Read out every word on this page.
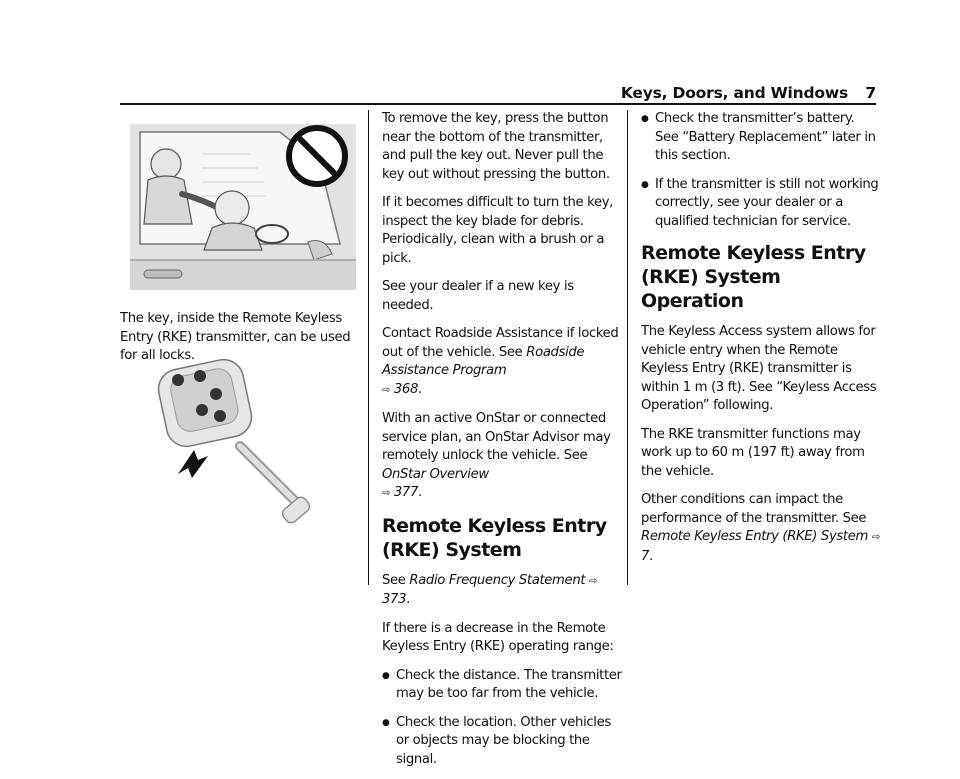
Keys, Doors, and Windows 7

The key, inside the Remote Keyless Entry (RKE) transmitter, can be used for all locks.

To remove the key, press the button near the bottom of the transmitter, and pull the key out. Never pull the key out without pressing the button.

If it becomes difficult to turn the key, inspect the key blade for debris. Periodically, clean with a brush or a pick.

See your dealer if a new key is needed.

Contact Roadside Assistance if locked out of the vehicle. See Roadside Assistance Program
⇨ 368.

With an active OnStar or connected service plan, an OnStar Advisor may remotely unlock the vehicle. See OnStar Overview
⇨ 377.

Remote Keyless Entry (RKE) System

See Radio Frequency Statement ⇨ 373.

If there is a decrease in the Remote Keyless Entry (RKE) operating range:

● Check the distance. The transmitter may be too far from the vehicle.
● Check the location. Other vehicles or objects may be blocking the signal.
● Check the transmitter’s battery. See “Battery Replacement” later in this section.
● If the transmitter is still not working correctly, see your dealer or a qualified technician for service.
Remote Keyless Entry (RKE) System Operation

The Keyless Access system allows for vehicle entry when the Remote Keyless Entry (RKE) transmitter is within 1 m (3 ft). See “Keyless Access Operation” following.

The RKE transmitter functions may work up to 60 m (197 ft) away from the vehicle.

Other conditions can impact the performance of the transmitter. See Remote Keyless Entry (RKE) System ⇨ 7.
